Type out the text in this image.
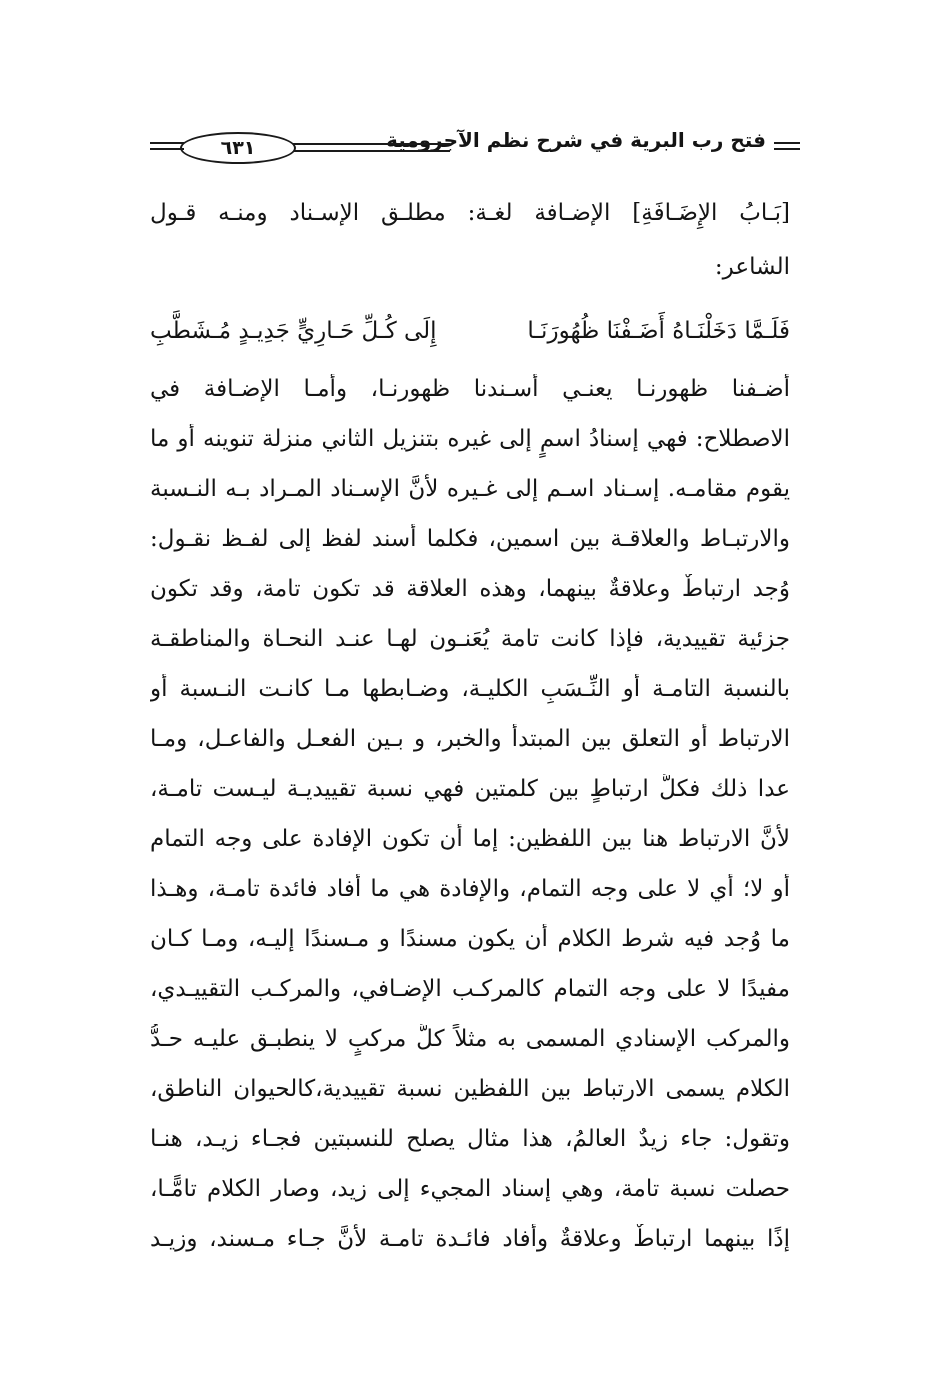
فتح رب البرية في شرح نظم الآجرومية
٦٣١
[بَـابُ الإِضَـافَةِ] الإضـافة لغـة: مطلـق الإسـناد ومنـه قـول
الشاعر:
فَلَـمَّا دَخَلْنَـاهُ أَضَـفْنَا ظُهُورَنَـا
إِلَى كُـلِّ حَـارِيٍّ جَدِيـدٍ مُـشَطَّبِ
أضـفنا ظهورنـا يعنـي أسـندنا ظهورنـا، وأمـا الإضـافة في
الاصطلاح: فهي إسنادُ اسمٍ إلى غيره بتنزيل الثاني منزلة تنوينه أو ما
يقوم مقامـه. إسـناد اسـم إلى غـيره لأنَّ الإسـناد المـراد بـه النـسبة
والارتبـاط والعلاقـة بين اسمين، فكلما أُسند لفظ إلى لفـظ نقـول:
وُجد ارتباطٌ وعلاقةٌ بينهما، وهذه العلاقة قد تكون تامة، وقد تكون
جزئية تقييدية، فإذا كانت تامة يُعَنـون لهـا عنـد النحـاة والمناطقـة
بالنسبة التامـة أو النِّـسَبِ الكليـة، وضـابطها مـا كانـت النـسبة أو
الارتباط أو التعلق بين المبتدأ والخبر، و بـين الفعـل والفاعـل، ومـا
عدا ذلك فكلُّ ارتباطٍ بين كلمتين فهي نسبة تقييديـة ليـست تامـة،
لأنَّ الارتباط هنا بين اللفظين: إما أن تكون الإفادة على وجه التمام
أو لا؛ أي لا على وجه التمام، والإفادة هي ما أفاد فائدة تامـة، وهـذا
ما وُجد فيه شرط الكلام أن يكون مسندًا و مـسندًا إليـه، ومـا كـان
مفيدًا لا على وجه التمام كالمركـب الإضـافي، والمركـب التقييـدي،
والمركب الإسنادي المسمى به مثلاً كلُّ مركبٍ لا ينطبـق عليـه حـدُّ
الكلام يسمى الارتباط بين اللفظين نسبة تقييدية،كالحيوان الناطق،
وتقول: جاء زيدٌ العالمُ، هذا مثال يصلح للنسبتين فجـاء زيـد، هنـا
حصلت نسبة تامة، وهي إسناد المجيء إلى زيد، وصار الكلام تامًّـا،
إذًا بينهما ارتباطٌ وعلاقةٌ وأفاد فائـدة تامـة لأنَّ جـاء مـسند، وزيـد
